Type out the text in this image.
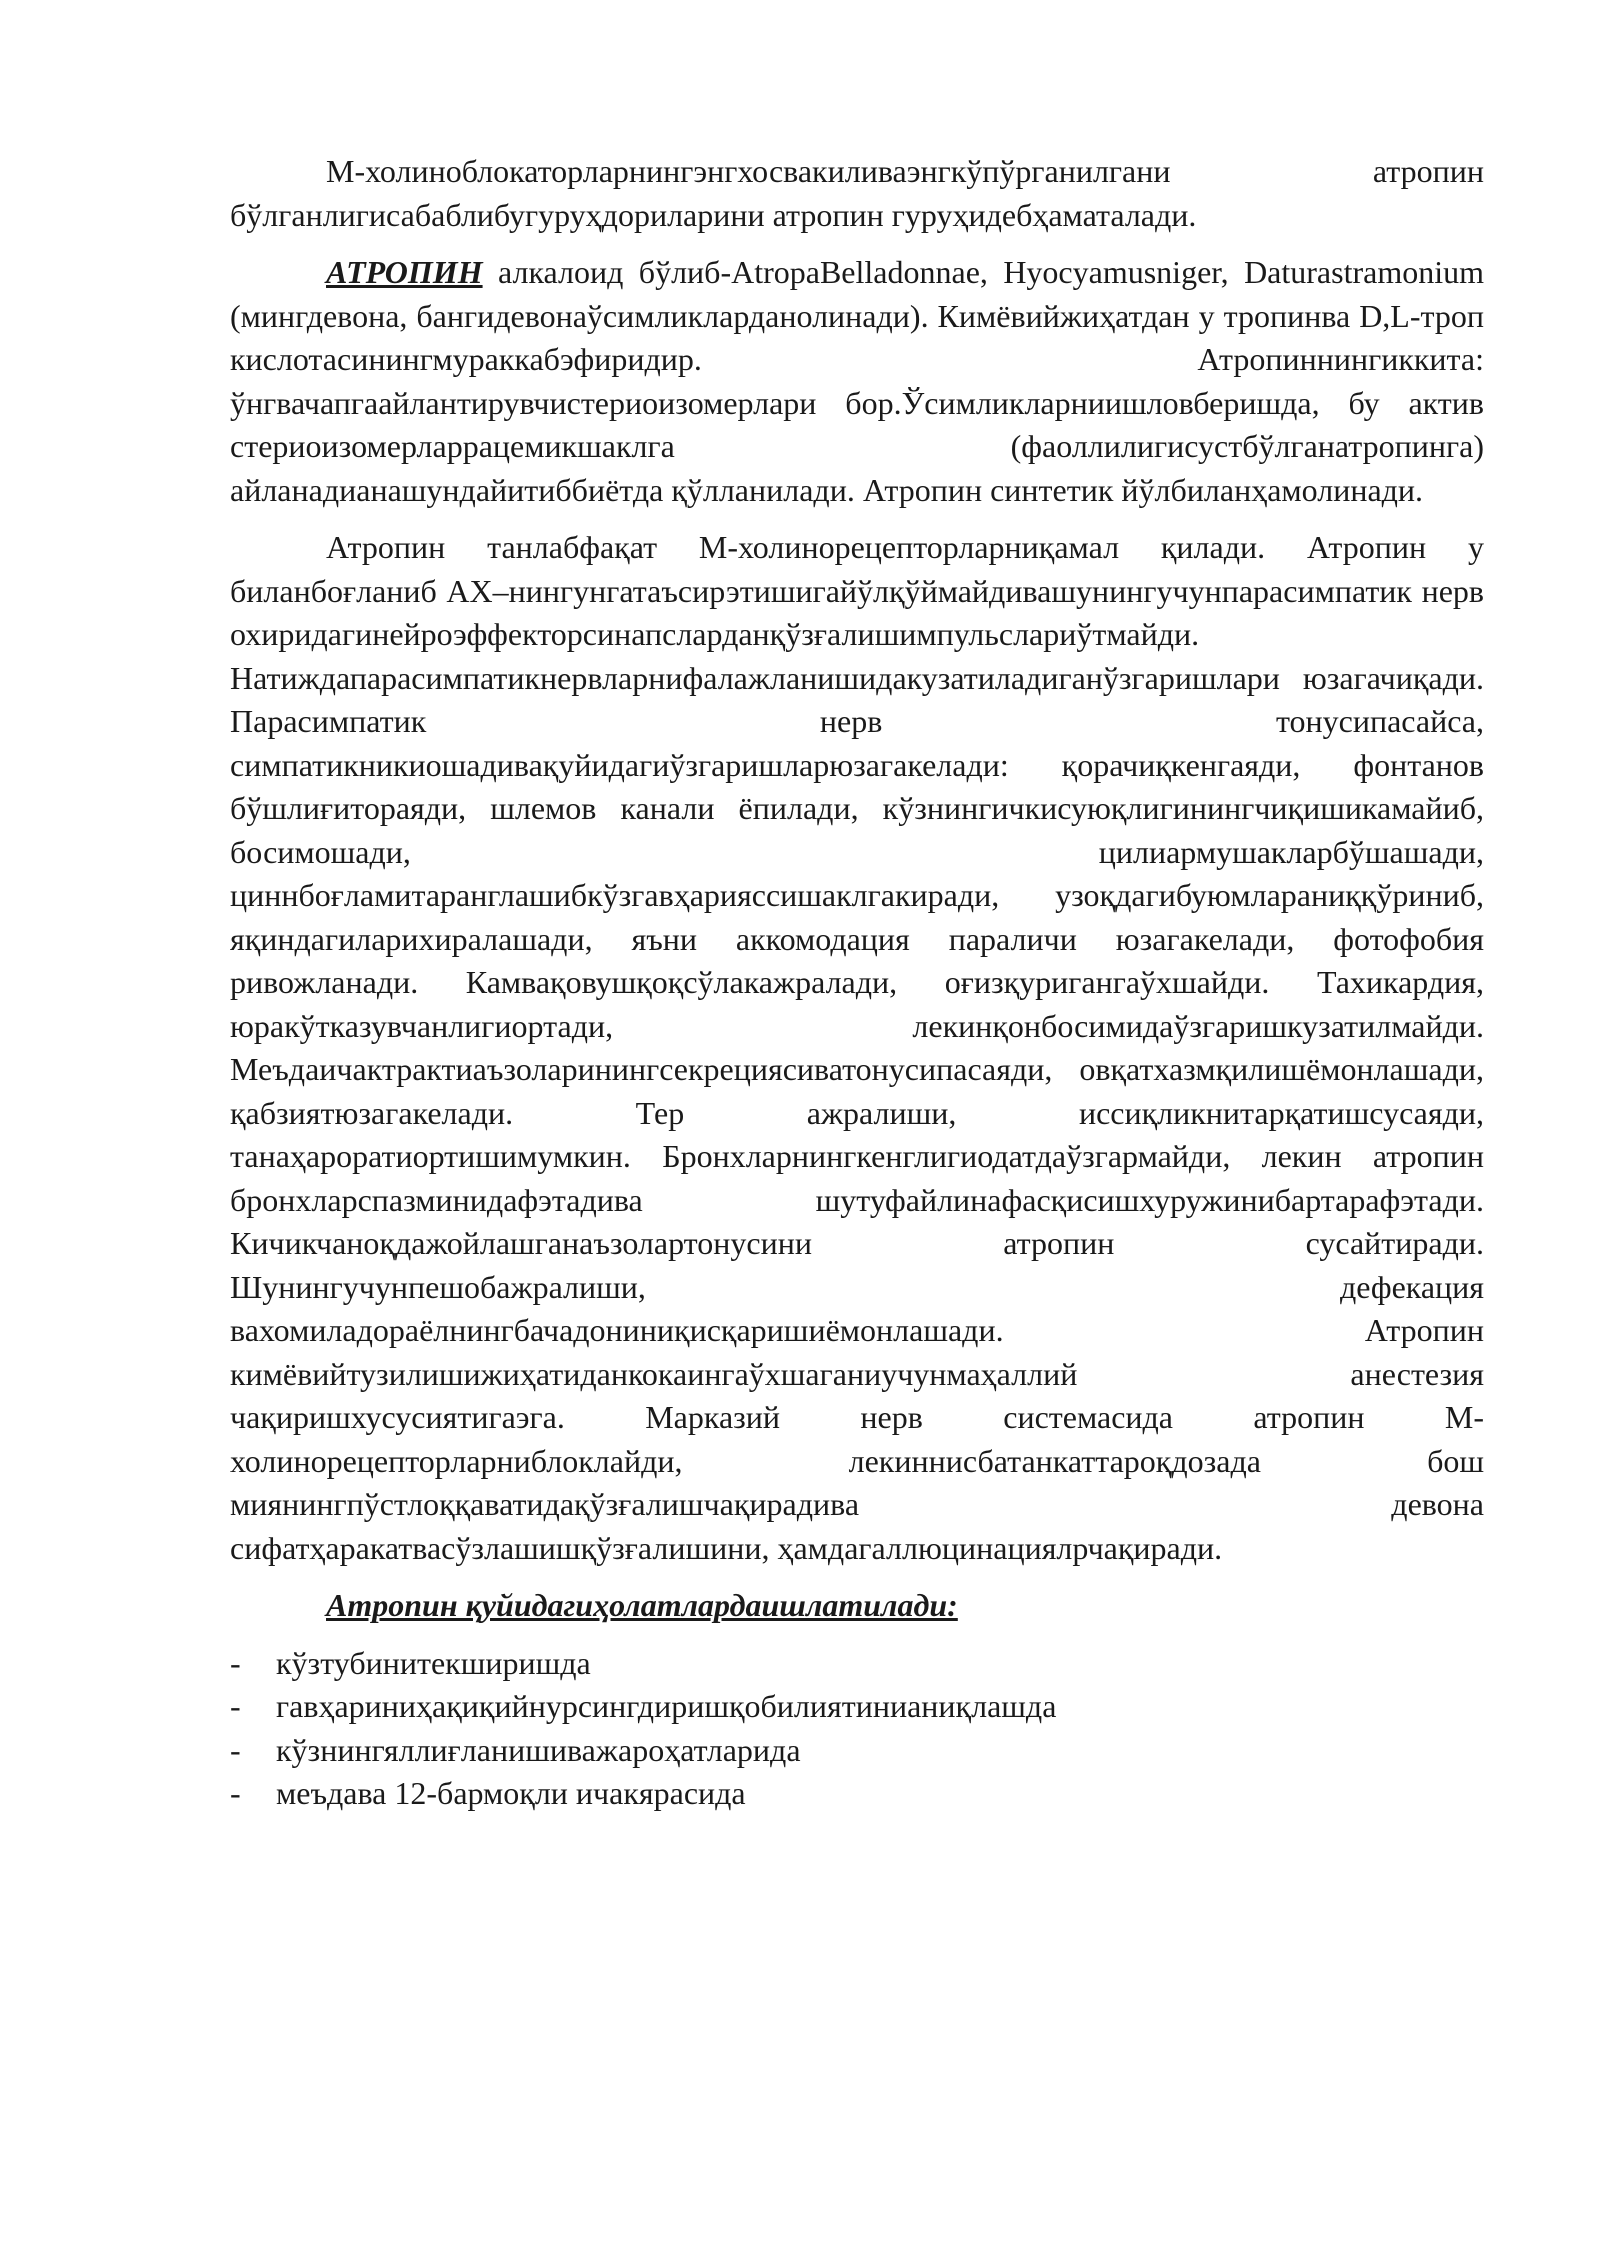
М-холиноблокаторларнингэнгхосвакиливаэнгкўпўрганилгани атропин бўлганлигисабаблибугуруҳдориларини атропин гуруҳидебҳаматалади.

АТРОПИН алкалоид бўлиб-AtropaBelladonnae, Hyocyamusniger, Daturastramonium (мингдевона, бангидевонаўсимликларданолинади). Кимёвийжиҳатдан у тропинва D,L-троп кислотасинингмураккабэфиридир. Атропиннингиккита: ўнгвачапгаайлантирувчистериоизомерлари бор.Ўсимликларниишловберишда, бу актив стериоизомерларрацемикшаклга (фаоллилигисустбўлганатропинга) айланадианашундайитиббиётда қўлланилади. Атропин синтетик йўлбиланҳамолинади.

Атропин танлабфақат М-холинорецепторларниқамал қилади. Атропин у биланбоғланиб АХ–нингунгатаъсирэтишигайўлқўймайдивашунингучунпарасимпатик нерв охиридагинейроэффекторсинапсларданқўзғалишимпульслариўтмайди. Натиждапарасимпатикнервларнифалажланишидакузатиладиганўзгаришлари юзагачиқади. Парасимпатик нерв тонусипасайса, симпатикникиошадивақуйидагиўзгаришларюзагакелади: қорачиқкенгаяди, фонтанов бўшлиғитораяди, шлемов канали ёпилади, кўзнингичкисуюқлигинингчиқишикамайиб, босимошади, цилиармушакларбўшашади, циннбоғламитаранглашибкўзгавҳарияссишаклгакиради, узоқдагибуюмлараниққўриниб, яқиндагиларихиралашади, яъни аккомодация параличи юзагакелади, фотофобия ривожланади. Камвақовушқоқсўлакажралади, оғизқуригангаўхшайди. Тахикардия, юракўтказувчанлигиортади, лекинқонбосимидаўзгаришкузатилмайди. Меъдаичактрактиаъзоларинингсекрециясиватонусипасаяди, овқатхазмқилишёмонлашади, қабзиятюзагакелади. Тер ажралиши, иссиқликнитарқатишсусаяди, танаҳароратиортишимумкин. Бронхларнингкенглигиодатдаўзгармайди, лекин атропин бронхларспазминидафэтадива шутуфайлинафасқисишхуружинибартарафэтади. Кичикчаноқдажойлашганаъзолартонусини атропин сусайтиради. Шунингучунпешобажралиши, дефекация вахомиладораёлнингбачадониниқисқаришиёмонлашади. Атропин кимёвийтузилишижиҳатиданкокаингаўхшаганиучунмаҳаллий анестезия чақиришхусусиятигаэга. Марказий нерв системасида атропин М-холинорецепторларниблоклайди, лекиннисбатанкаттароқдозада бош миянингпўстлоққаватидақўзғалишчақирадива девона сифатҳаракатвасўзлашишқўзғалишини, ҳамдагаллюцинациялрчақиради.

Атропин қуйидагиҳолатлардаишлатилади:

- кўзтубинитекширишда
- гавҳариниҳақиқийнурсингдиришқобилиятинианиқлашда
- кўзнингяллиғланишиважароҳатларида
- меъдава 12-бармоқли ичакярасида
